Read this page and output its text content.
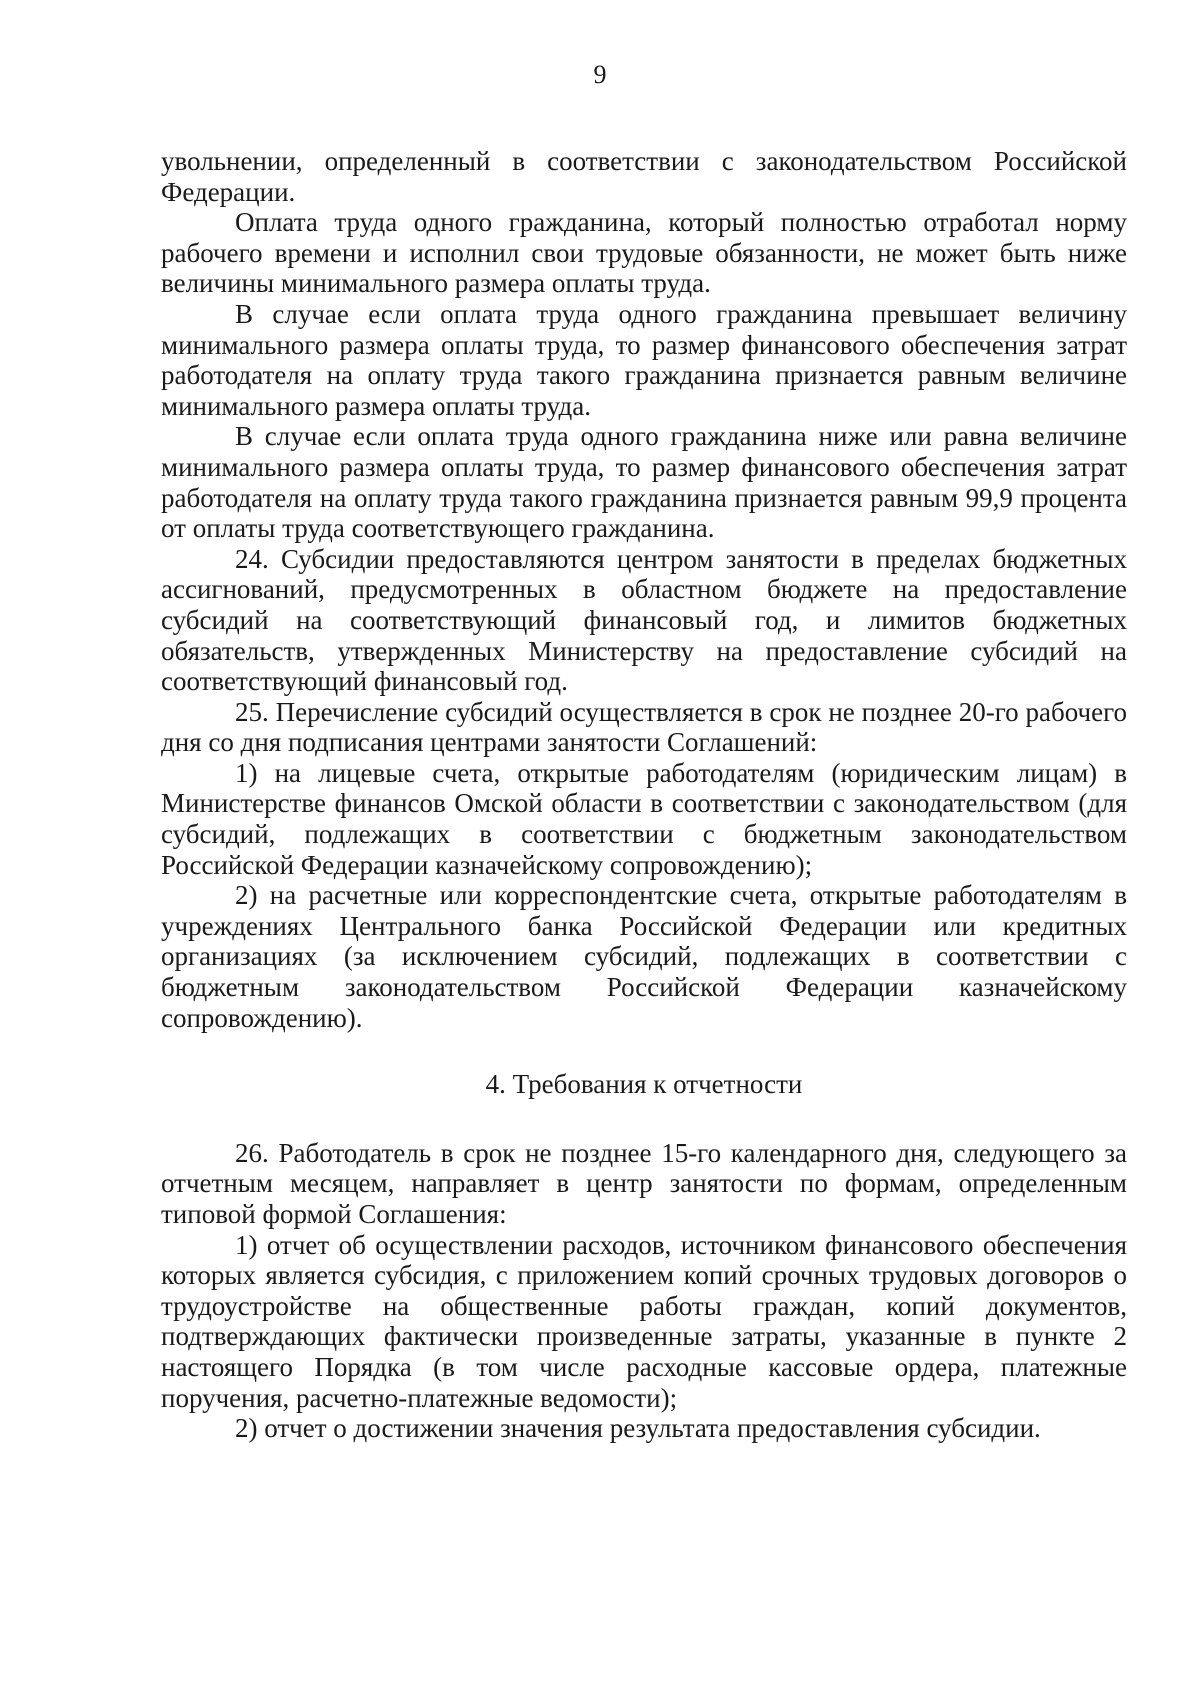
9

увольнении, определенный в соответствии с законодательством Российской Федерации.

Оплата труда одного гражданина, который полностью отработал норму рабочего времени и исполнил свои трудовые обязанности, не может быть ниже величины минимального размера оплаты труда.

В случае если оплата труда одного гражданина превышает величину минимального размера оплаты труда, то размер финансового обеспечения затрат работодателя на оплату труда такого гражданина признается равным величине минимального размера оплаты труда.

В случае если оплата труда одного гражданина ниже или равна величине минимального размера оплаты труда, то размер финансового обеспечения затрат работодателя на оплату труда такого гражданина признается равным 99,9 процента от оплаты труда соответствующего гражданина.

24. Субсидии предоставляются центром занятости в пределах бюджетных ассигнований, предусмотренных в областном бюджете на предоставление субсидий на соответствующий финансовый год, и лимитов бюджетных обязательств, утвержденных Министерству на предоставление субсидий на соответствующий финансовый год.

25. Перечисление субсидий осуществляется в срок не позднее 20-го рабочего дня со дня подписания центрами занятости Соглашений:

1) на лицевые счета, открытые работодателям (юридическим лицам) в Министерстве финансов Омской области в соответствии с законодательством (для субсидий, подлежащих в соответствии с бюджетным законодательством Российской Федерации казначейскому сопровождению);

2) на расчетные или корреспондентские счета, открытые работодателям в учреждениях Центрального банка Российской Федерации или кредитных организациях (за исключением субсидий, подлежащих в соответствии с бюджетным законодательством Российской Федерации казначейскому сопровождению).

4. Требования к отчетности

26. Работодатель в срок не позднее 15-го календарного дня, следующего за отчетным месяцем, направляет в центр занятости по формам, определенным типовой формой Соглашения:

1) отчет об осуществлении расходов, источником финансового обеспечения которых является субсидия, с приложением копий срочных трудовых договоров о трудоустройстве на общественные работы граждан, копий документов, подтверждающих фактически произведенные затраты, указанные в пункте 2 настоящего Порядка (в том числе расходные кассовые ордера, платежные поручения, расчетно-платежные ведомости);

2) отчет о достижении значения результата предоставления субсидии.
